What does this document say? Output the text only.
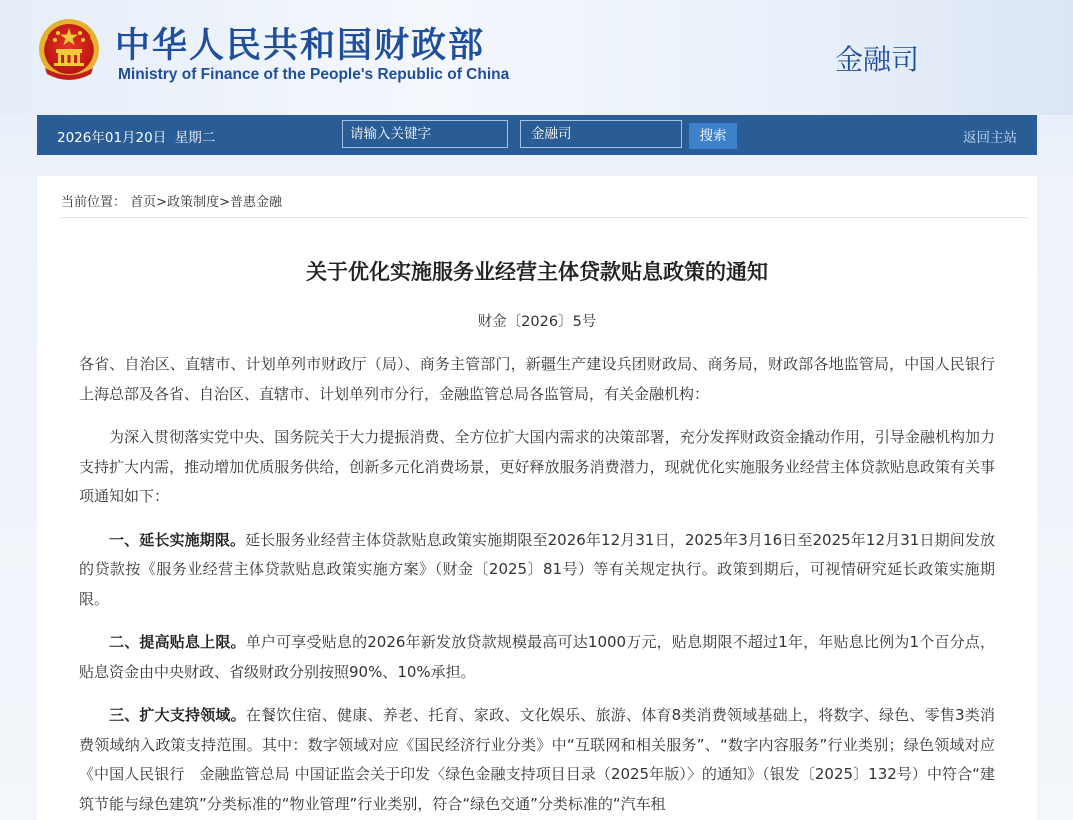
中华人民共和国财政部
Ministry of Finance of the People's Republic of China	金融司
2026年01月20日 星期二
请输入关键字	金融司	搜索	返回主站
当前位置： 首页>政策制度>普惠金融
关于优化实施服务业经营主体贷款贴息政策的通知
财金〔2026〕5号

各省、自治区、直辖市、计划单列市财政厅（局）、商务主管部门，新疆生产建设兵团财政局、商务局，财政部各地监管局，中国人民银行上海总部及各省、自治区、直辖市、计划单列市分行，金融监管总局各监管局，有关金融机构：

为深入贯彻落实党中央、国务院关于大力提振消费、全方位扩大国内需求的决策部署，充分发挥财政资金撬动作用，引导金融机构加力支持扩大内需，推动增加优质服务供给，创新多元化消费场景，更好释放服务消费潜力，现就优化实施服务业经营主体贷款贴息政策有关事项通知如下：

一、延长实施期限。延长服务业经营主体贷款贴息政策实施期限至2026年12月31日，2025年3月16日至2025年12月31日期间发放的贷款按《服务业经营主体贷款贴息政策实施方案》（财金〔2025〕81号）等有关规定执行。政策到期后，可视情研究延长政策实施期限。

二、提高贴息上限。单户可享受贴息的2026年新发放贷款规模最高可达1000万元，贴息期限不超过1年，年贴息比例为1个百分点，贴息资金由中央财政、省级财政分别按照90%、10%承担。

三、扩大支持领域。在餐饮住宿、健康、养老、托育、家政、文化娱乐、旅游、体育8类消费领域基础上，将数字、绿色、零售3类消费领域纳入政策支持范围。其中：数字领域对应《国民经济行业分类》中“互联网和相关服务”、“数字内容服务”行业类别；绿色领域对应《中国人民银行　金融监管总局 中国证监会关于印发〈绿色金融支持项目目录（2025年版）〉的通知》（银发〔2025〕132号）中符合“建筑节能与绿色建筑”分类标准的“物业管理”行业类别，符合“绿色交通”分类标准的“汽车租
